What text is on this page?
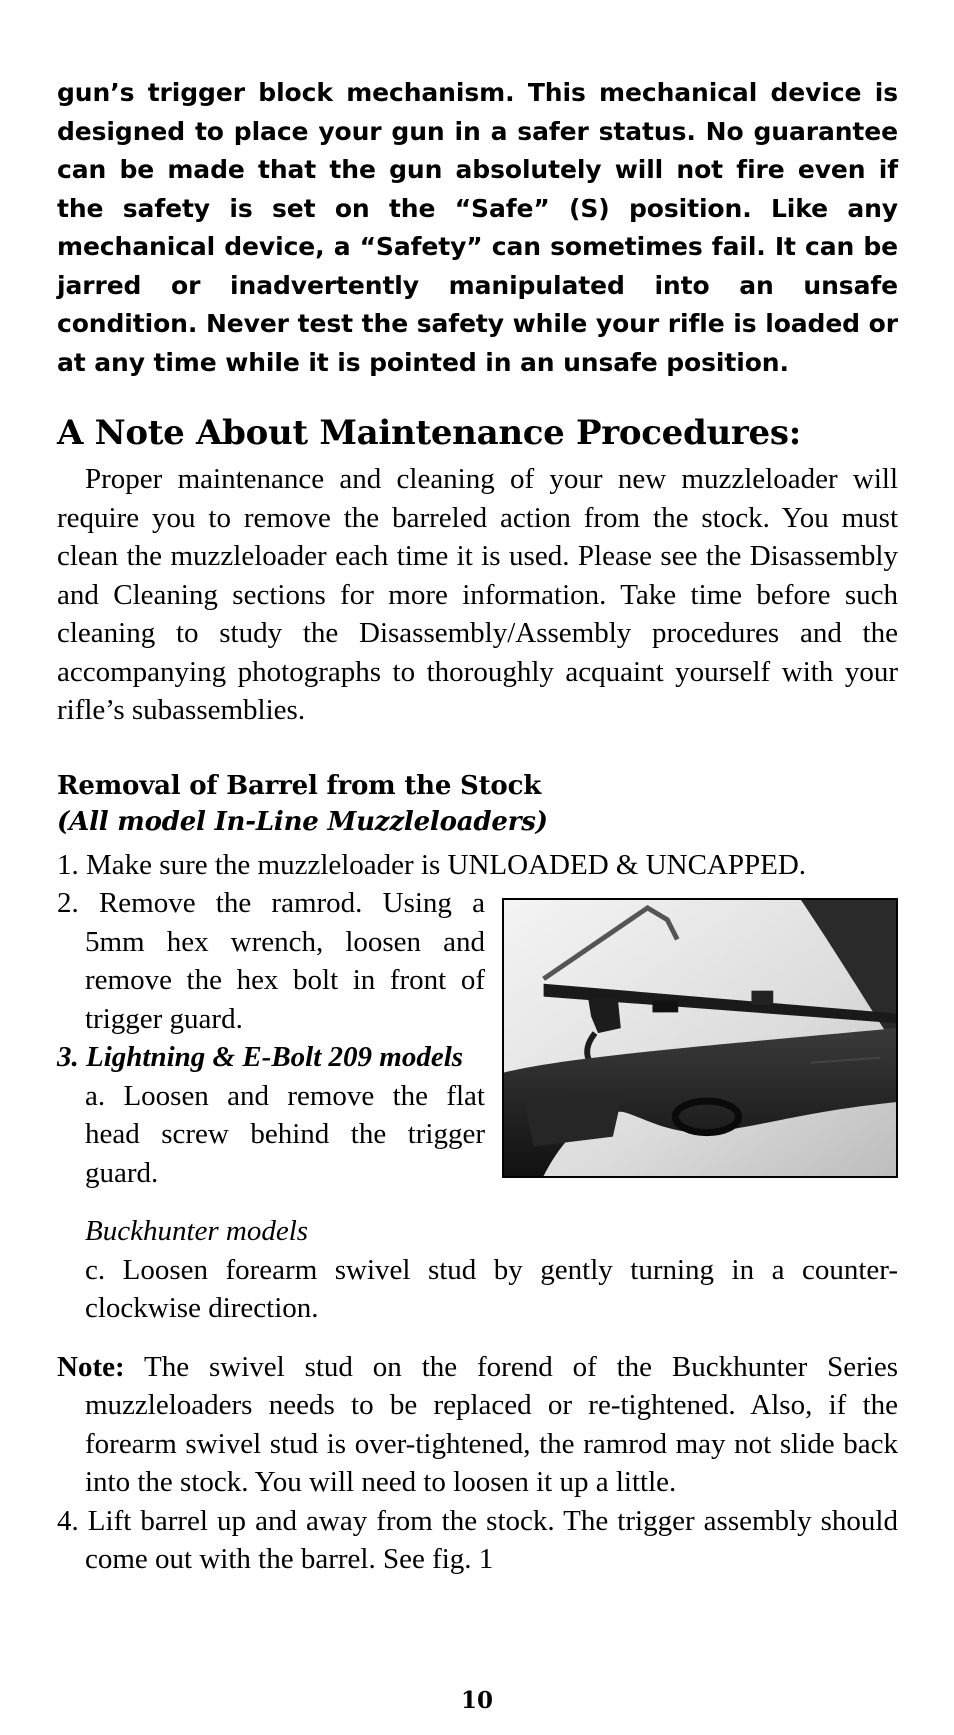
gun’s trigger block mechanism. This mechanical device is designed to place your gun in a safer status. No guarantee can be made that the gun absolutely will not fire even if the safety is set on the “Safe” (S) position. Like any mechanical device, a “Safety” can sometimes fail. It can be jarred or inadvertently manipulated into an unsafe condition. Never test the safety while your rifle is loaded or at any time while it is pointed in an unsafe position.

A Note About Maintenance Procedures:

Proper maintenance and cleaning of your new muzzleloader will require you to remove the barreled action from the stock. You must clean the muzzleloader each time it is used. Please see the Disassembly and Cleaning sections for more information. Take time before such cleaning to study the Disassembly/Assembly procedures and the accompanying photographs to thoroughly acquaint yourself with your rifle’s subassemblies.

Removal of Barrel from the Stock
(All model In-Line Muzzleloaders)

1. Make sure the muzzleloader is UNLOADED & UNCAPPED.

2. Remove the ramrod. Using a 5mm hex wrench, loosen and remove the hex bolt in front of trigger guard.

3. Lightning & E-Bolt 209 models

a. Loosen and remove the flat head screw behind the trigger guard.

Buckhunter models

c. Loosen forearm swivel stud by gently turning in a counter-clockwise direction.

Note: The swivel stud on the forend of the Buckhunter Series muzzleloaders needs to be replaced or re-tightened. Also, if the forearm swivel stud is over-tightened, the ramrod may not slide back into the stock. You will need to loosen it up a little.

4. Lift barrel up and away from the stock. The trigger assembly should come out with the barrel. See fig. 1

10
